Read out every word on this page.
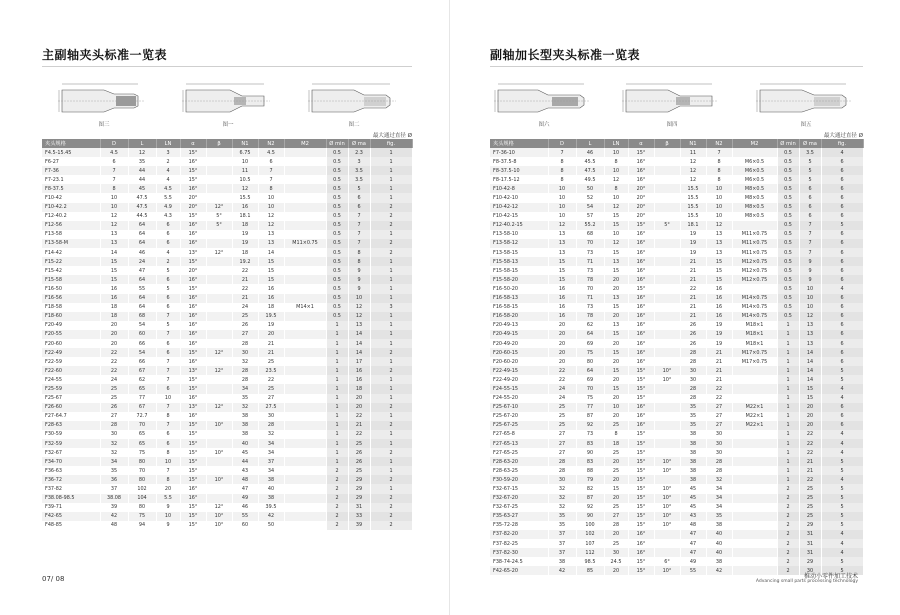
主副轴夹头标准一览表
图三	图一	图二
最大通过直径 Ø
夹头规格	D	L	LN	α	β	N1	N2	M2	Ø min	Ø ma	fig.
F4.5-15.45	4.5	12	3	15°		6.75	4.5		0.5	2.3	1
F6-27	6	35	2	16°		10	6		0.5	3	1
F7-36	7	44	4	15°		11	7		0.5	3.5	1
F7-23.1	7	44	4	15°		10.5	7		0.5	3.5	1
F8-37.5	8	45	4.5	16°		12	8		0.5	5	1
F10-42	10	47.5	5.5	20°		15.5	10		0.5	6	1
F10-42.2	10	47.5	4.9	20°	12°	16	10		0.5	6	2
F12-40.2	12	44.5	4.3	15°	5°	18.1	12		0.5	7	2
F12-56	12	64	6	16°	5°	18	12		0.5	7	2
F13-58	13	64	6	16°		19	13		0.5	7	1
F13-58-M	13	64	6	16°		19	13	M11×0.75	0.5	7	2
F14-42	14	46	4	13°	12°	18	14		0.5	8	2
F15-22	15	24	2	15°		19.2	15		0.5	8	1
F15-42	15	47	5	20°		22	15		0.5	9	1
F15-58	15	64	6	16°		21	15		0.5	9	1
F16-50	16	55	5	15°		22	16		0.5	9	1
F16-56	16	64	6	16°		21	16		0.5	10	1
F18-58	18	64	6	16°		24	18	M14×1	0.5	12	3
F18-60	18	68	7	16°		25	19.5		0.5	12	1
F20-49	20	54	5	16°		26	19		1	13	1
F20-55	20	60	7	16°		27	20		1	14	1
F20-60	20	66	6	16°		28	21		1	14	1
F22-49	22	54	6	15°	12°	30	21		1	14	2
F22-59	22	66	7	16°		32	25		1	17	1
F22-60	22	67	7	13°	12°	28	23.5		1	16	2
F24-55	24	62	7	15°		28	22		1	16	1
F25-59	25	65	6	15°		34	25		1	18	1
F25-67	25	77	10	16°		35	27		1	20	1
F26-60	26	67	7	13°	12°	32	27.5		1	20	2
F27-64.7	27	72.7	8	16°		38	30		1	22	1
F28-63	28	70	7	15°	10°	38	28		1	21	2
F30-59	30	65	6	15°		38	32		1	22	1
F32-59	32	65	6	15°		40	34		1	25	1
F32-67	32	75	8	15°	10°	45	34		1	26	2
F34-70	34	80	10	15°		44	37		1	26	1
F36-63	35	70	7	15°		43	34		2	25	1
F36-72	36	80	8	15°	10°	48	38		2	29	2
F37-82	37	102	20	16°		47	40		2	29	1
F38.08-98.5	38.08	104	5.5	16°		49	38		2	29	2
F39-71	39	80	9	15°	12°	46	39.5		2	31	2
F42-65	42	75	10	15°	10°	55	42		2	33	2
F48-85	48	94	9	15°	10°	60	50		2	39	2
07/ 08
副轴加长型夹头标准一览表
图六	图四	图五
最大通过直径 Ø
夹头规格	D	L	LN	α	β	N1	N2	M2	Ø min	Ø ma	fig.
F7-36-10	7	46	10	15°		11	7		0.5	3.5	4
F8-37.5-8	8	45.5	8	16°		12	8	M6×0.5	0.5	5	6
F8-37.5-10	8	47.5	10	16°		12	8	M6×0.5	0.5	5	6
F8-17.5-12	8	49.5	12	16°		12	8	M6×0.5	0.5	5	6
F10-42-8	10	50	8	20°		15.5	10	M8×0.5	0.5	6	6
F10-42-10	10	52	10	20°		15.5	10	M8×0.5	0.5	6	6
F10-42-12	10	54	12	20°		15.5	10	M8×0.5	0.5	6	6
F10-42-15	10	57	15	20°		15.5	10	M8×0.5	0.5	6	6
F12-40.2-15	12	55.2	15	15°	5°	18.1	12		0.5	7	5
F13-58-10	13	68	10	16°		19	13	M11×0.75	0.5	7	6
F13-58-12	13	70	12	16°		19	13	M11×0.75	0.5	7	6
F13-58-15	13	73	15	16°		19	13	M11×0.75	0.5	7	6
F15-58-13	15	71	13	16°		21	15	M12×0.75	0.5	9	6
F15-58-15	15	73	15	16°		21	15	M12×0.75	0.5	9	6
F15-58-20	15	78	20	16°		21	15	M12×0.75	0.5	9	6
F16-50-20	16	70	20	15°		22	16		0.5	10	4
F16-58-13	16	71	13	16°		21	16	M14×0.75	0.5	10	6
F16-58-15	16	73	15	16°		21	16	M14×0.75	0.5	10	6
F16-58-20	16	78	20	16°		21	16	M14×0.75	0.5	12	6
F20-49-13	20	62	13	16°		26	19	M18×1	1	13	6
F20-49-15	20	64	15	16°		26	19	M18×1	1	13	6
F20-49-20	20	69	20	16°		26	19	M18×1	1	13	6
F20-60-15	20	75	15	16°		28	21	M17×0.75	1	14	6
F20-60-20	20	80	20	16°		28	21	M17×0.75	1	14	6
F22-49-15	22	64	15	15°	10°	30	21		1	14	5
F22-49-20	22	69	20	15°	10°	30	21		1	14	5
F24-55-15	24	70	15	15°		28	22		1	15	4
F24-55-20	24	75	20	15°		28	22		1	15	4
F25-67-10	25	77	10	16°		35	27	M22×1	1	20	6
F25-67-20	25	87	20	16°		35	27	M22×1	1	20	6
F25-67-25	25	92	25	16°		35	27	M22×1	1	20	6
F27-65-8	27	73	8	15°		38	30		1	22	4
F27-65-13	27	83	18	15°		38	30		1	22	4
F27-65-25	27	90	25	15°		38	30		1	22	4
F28-63-20	28	83	20	15°	10°	38	28		1	21	5
F28-63-25	28	88	25	15°	10°	38	28		1	21	5
F30-59-20	30	79	20	15°		38	32		1	22	4
F32-67-15	32	82	15	15°	10°	45	34		2	25	5
F32-67-20	32	87	20	15°	10°	45	34		2	25	5
F32-67-25	32	92	25	15°	10°	45	34		2	25	5
F35-63-27	35	90	27	15°	10°	43	35		2	25	5
F35-72-28	35	100	28	15°	10°	48	38		2	29	5
F37-82-20	37	102	20	16°		47	40		2	31	4
F37-82-25	37	107	25	16°		47	40		2	31	4
F37-82-30	37	112	30	16°		47	40		2	31	4
F38-74-24.5	38	98.5	24.5	15°	6°	49	38		2	29	5
F42-65-20	42	85	20	15°	10°	55	42		2	30	5
推动小零件加工技术
Advancing small parts processing technology
